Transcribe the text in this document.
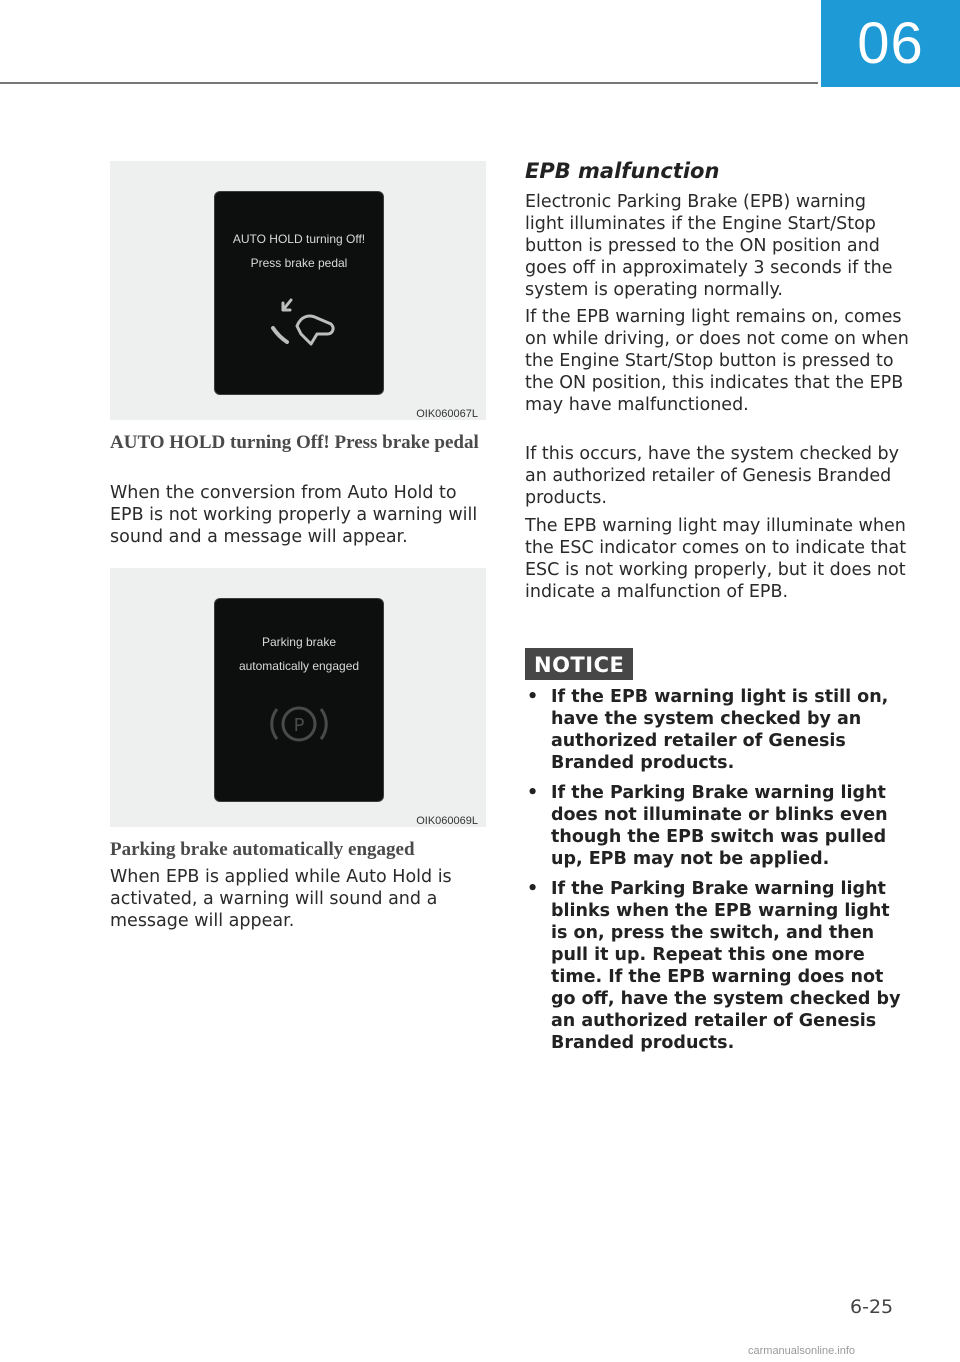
06
AUTO HOLD turning Off!
Press brake pedal
OIK060067L
AUTO HOLD turning Off! Press brake pedal

When the conversion from Auto Hold to EPB is not working properly a warning will sound and a message will appear.

Parking brake
automatically engaged
P
OIK060069L
Parking brake automatically engaged

When EPB is applied while Auto Hold is activated, a warning will sound and a message will appear.

EPB malfunction

Electronic Parking Brake (EPB) warning light illuminates if the Engine Start/Stop button is pressed to the ON position and goes off in approximately 3 seconds if the system is operating normally.

If the EPB warning light remains on, comes on while driving, or does not come on when the Engine Start/Stop button is pressed to the ON position, this indicates that the EPB may have malfunctioned.

If this occurs, have the system checked by an authorized retailer of Genesis Branded products.

The EPB warning light may illuminate when the ESC indicator comes on to indicate that ESC is not working properly, but it does not indicate a malfunction of EPB.

NOTICE
• If the EPB warning light is still on, have the system checked by an authorized retailer of Genesis Branded products.
• If the Parking Brake warning light does not illuminate or blinks even though the EPB switch was pulled up, EPB may not be applied.
• If the Parking Brake warning light blinks when the EPB warning light is on, press the switch, and then pull it up. Repeat this one more time. If the EPB warning does not go off, have the system checked by an authorized retailer of Genesis Branded products.
6-25
carmanualsonline.info
